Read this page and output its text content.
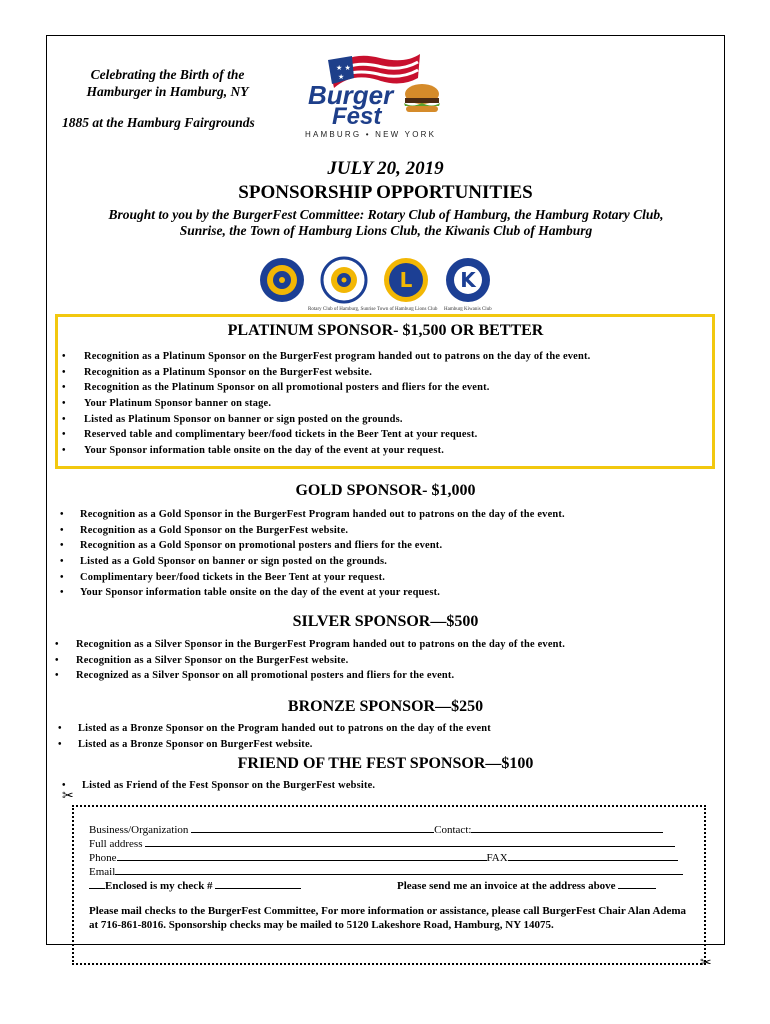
Celebrating the Birth of the
Hamburger in Hamburg, NY
1885 at the Hamburg Fairgrounds
★ ★
★
Burger
Fest
HAMBURG • NEW YORK
JULY 20, 2019
SPONSORSHIP OPPORTUNITIES
Brought to you by the BurgerFest Committee: Rotary Club of Hamburg, the Hamburg Rotary Club,
Sunrise, the Town of Hamburg Lions Club, the Kiwanis Club of Hamburg
L K
Rotary Club of Hamburg, Sunrise Town of Hamburg Lions Club Hamburg Kiwanis Club
PLATINUM SPONSOR- $1,500 OR BETTER
• Recognition as a Platinum Sponsor on the BurgerFest program handed out to patrons on the day of the event.
• Recognition as a Platinum Sponsor on the BurgerFest website.
• Recognition as the Platinum Sponsor on all promotional posters and fliers for the event.
• Your Platinum Sponsor banner on stage.
• Listed as Platinum Sponsor on banner or sign posted on the grounds.
• Reserved table and complimentary beer/food tickets in the Beer Tent at your request.
• Your Sponsor information table onsite on the day of the event at your request.
GOLD SPONSOR- $1,000
• Recognition as a Gold Sponsor in the BurgerFest Program handed out to patrons on the day of the event.
• Recognition as a Gold Sponsor on the BurgerFest website.
• Recognition as a Gold Sponsor on promotional posters and fliers for the event.
• Listed as a Gold Sponsor on banner or sign posted on the grounds.
• Complimentary beer/food tickets in the Beer Tent at your request.
• Your Sponsor information table onsite on the day of the event at your request.
SILVER SPONSOR—$500
• Recognition as a Silver Sponsor in the BurgerFest Program handed out to patrons on the day of the event.
• Recognition as a Silver Sponsor on the BurgerFest website.
• Recognized as a Silver Sponsor on all promotional posters and fliers for the event.
BRONZE SPONSOR—$250
• Listed as a Bronze Sponsor on the Program handed out to patrons on the day of the event
• Listed as a Bronze Sponsor on BurgerFest website.
FRIEND OF THE FEST SPONSOR—$100
• Listed as Friend of the Fest Sponsor on the BurgerFest website.
✂
✂
Business/Organization	Contact:
Full address
Phone	FAX
Email
Enclosed is my check #	Please send me an invoice at the address above
Please mail checks to the BurgerFest Committee, For more information or assistance, please call BurgerFest Chair Alan Adema at 716-861-8016. Sponsorship checks may be mailed to 5120 Lakeshore Road, Hamburg, NY 14075.
